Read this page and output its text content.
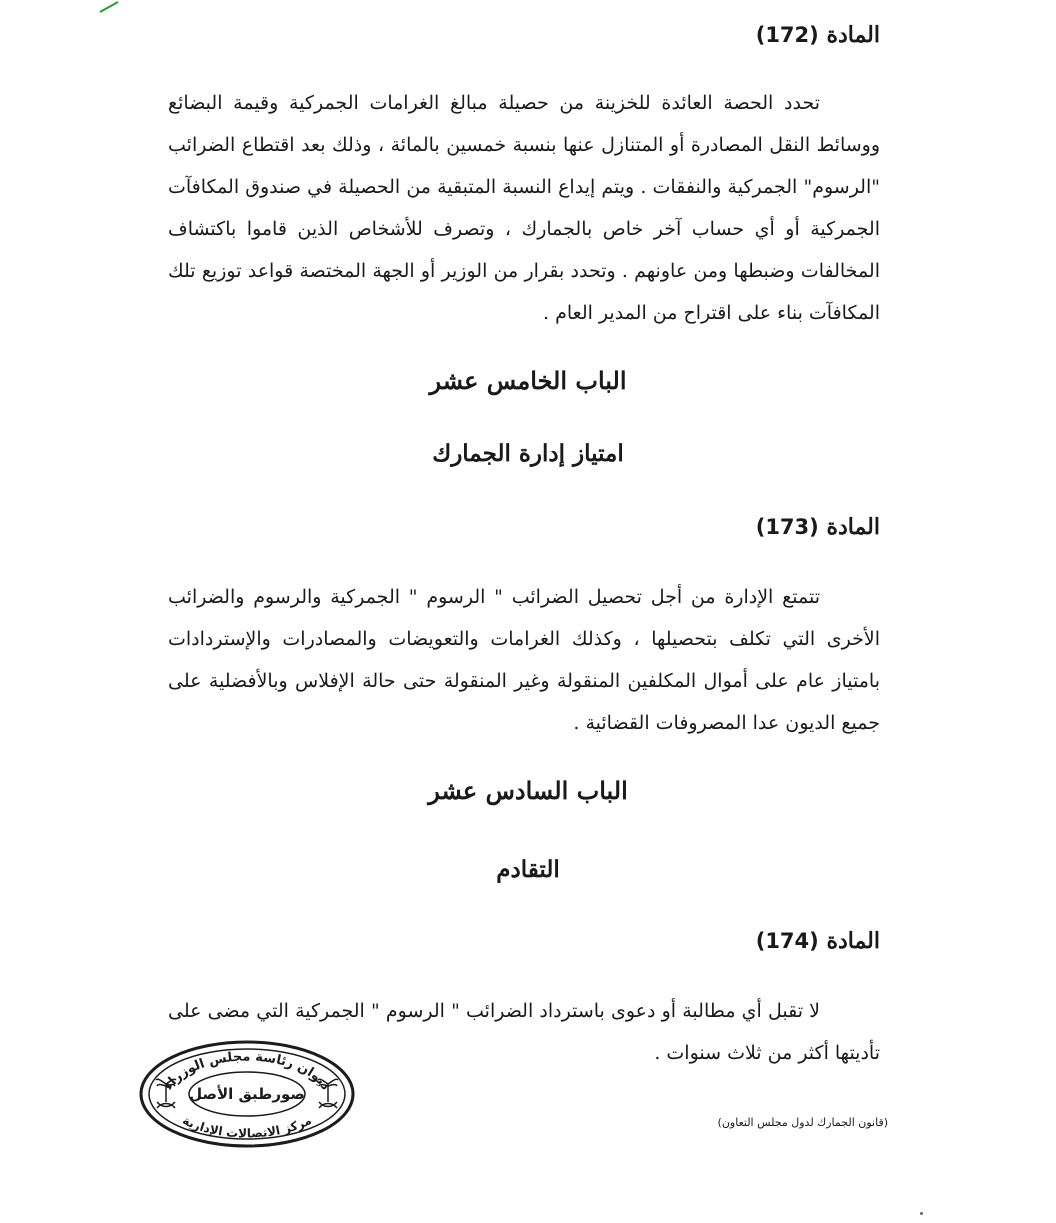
المادة (172)

تحدد الحصة العائدة للخزينة من حصيلة مبالغ الغرامات الجمركية وقيمة البضائع ووسائط النقل المصادرة أو المتنازل عنها بنسبة خمسين بالمائة ، وذلك بعد اقتطاع الضرائب "الرسوم" الجمركية والنفقات . ويتم إيداع النسبة المتبقية من الحصيلة في صندوق المكافآت الجمركية أو أي حساب آخر خاص بالجمارك ، وتصرف للأشخاص الذين قاموا باكتشاف المخالفات وضبطها ومن عاونهم . وتحدد بقرار من الوزير أو الجهة المختصة قواعد توزيع تلك المكافآت بناء على اقتراح من المدير العام .

الباب الخامس عشر
امتياز إدارة الجمارك
المادة (173)

تتمتع الإدارة من أجل تحصيل الضرائب " الرسوم " الجمركية والرسوم والضرائب الأخرى التي تكلف بتحصيلها ، وكذلك الغرامات والتعويضات والمصادرات والإستردادات بامتياز عام على أموال المكلفين المنقولة وغير المنقولة حتى حالة الإفلاس وبالأفضلية على جميع الديون عدا المصروفات القضائية .

الباب السادس عشر
التقادم
المادة (174)

لا تقبل أي مطالبة أو دعوى باسترداد الضرائب " الرسوم " الجمركية التي مضى على تأديتها أكثر من ثلاث سنوات .

ديوان رئاسة مجلس الوزراء
مركز الاتصالات الإدارية
صورطبق الأصل
(قانون الجمارك لدول مجلس التعاون)
